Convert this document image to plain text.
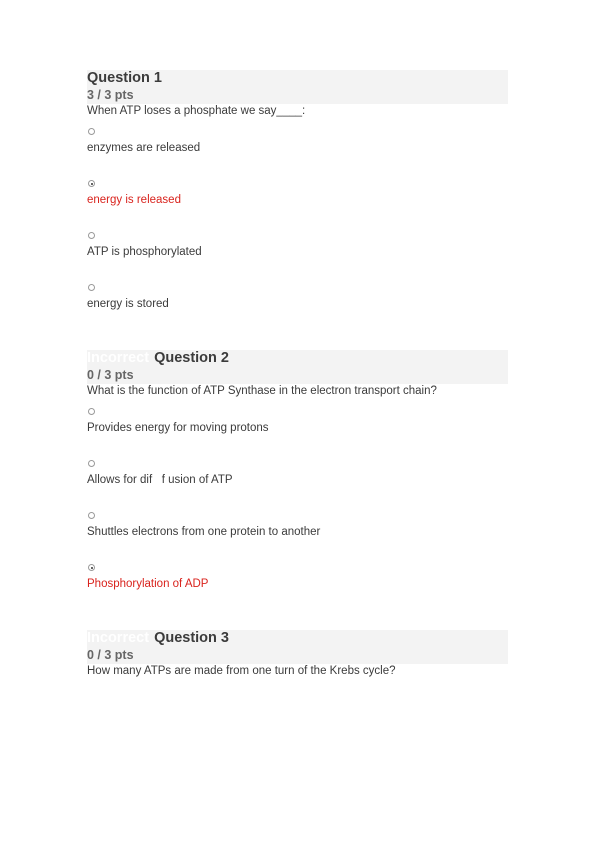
Question 1
3 / 3 pts
When ATP loses a phosphate we say____:
enzymes are released
energy is released
ATP is phosphorylated
energy is stored
Incorrect Question 2
0 / 3 pts
What is the function of ATP Synthase in the electron transport chain?
Provides energy for moving protons
Allows for dif   f usion of ATP
Shuttles electrons from one protein to another
Phosphorylation of ADP
Incorrect Question 3
0 / 3 pts
How many ATPs are made from one turn of the Krebs cycle?
